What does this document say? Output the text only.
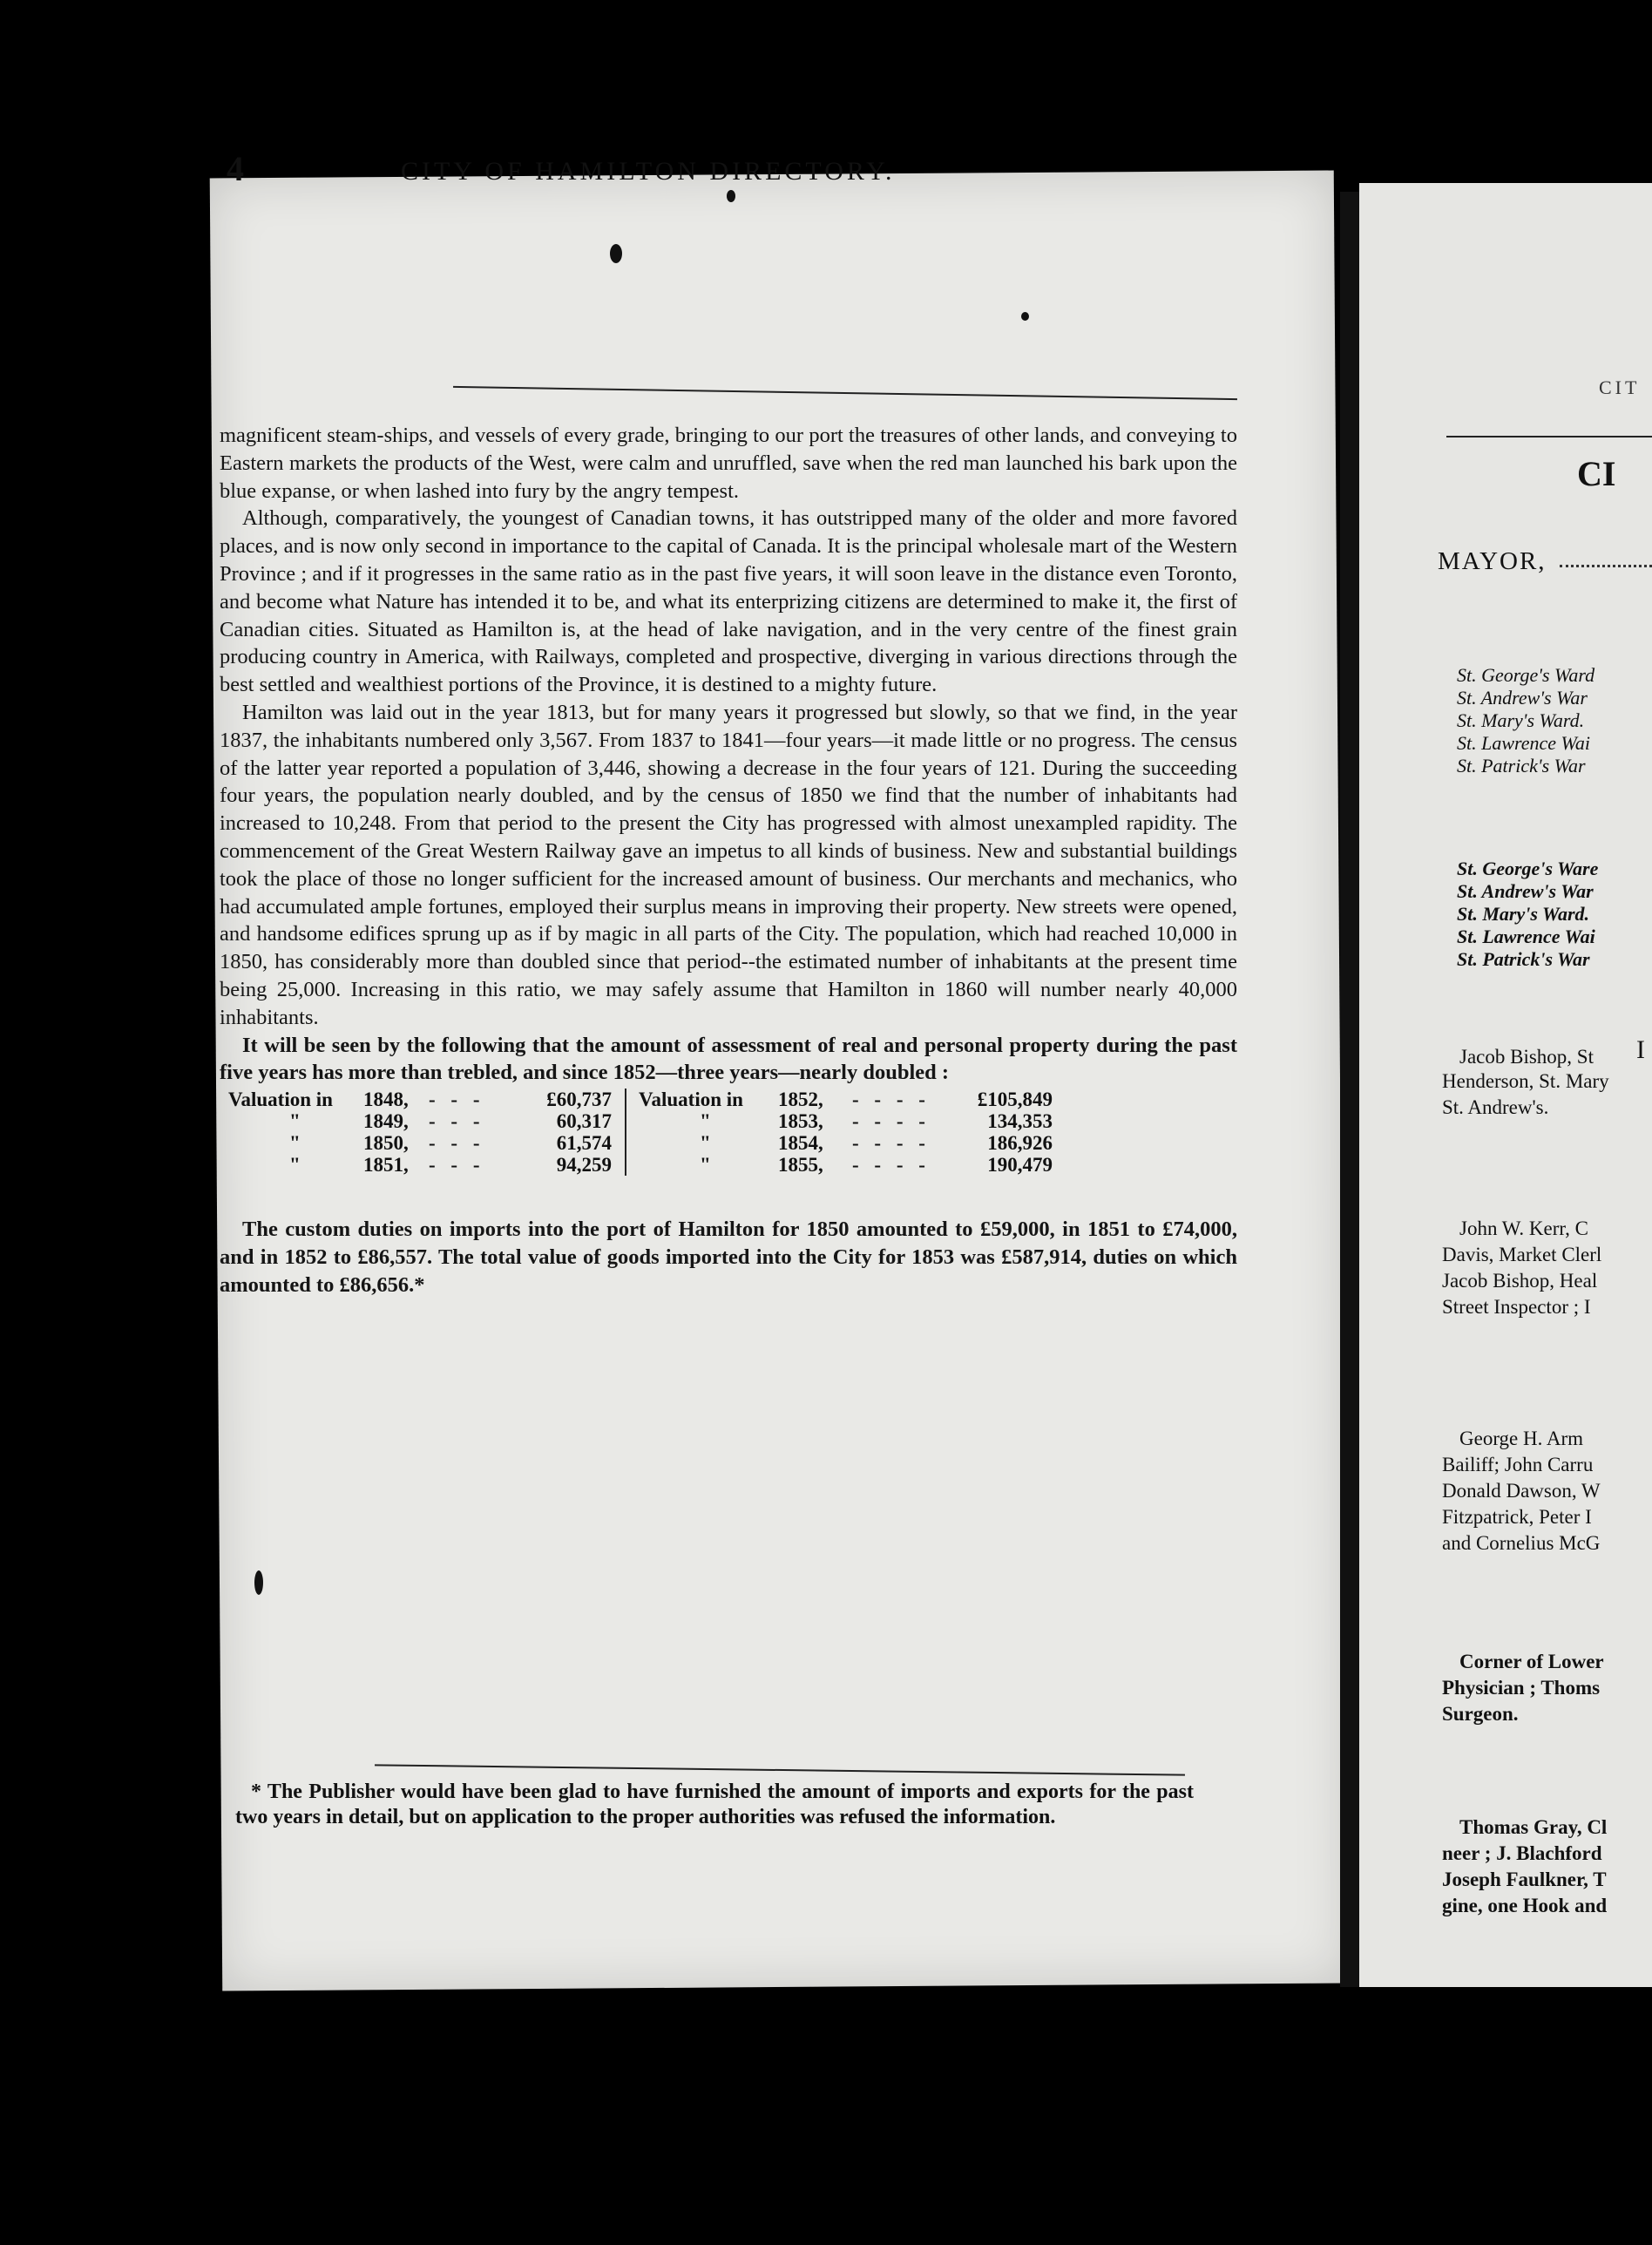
4	CITY OF HAMILTON DIRECTORY.

magnificent steam-ships, and vessels of every grade, bringing to our port the treasures of other lands, and conveying to Eastern markets the products of the West, were calm and unruffled, save when the red man launched his bark upon the blue expanse, or when lashed into fury by the angry tempest.

Although, comparatively, the youngest of Canadian towns, it has outstripped many of the older and more favored places, and is now only second in importance to the capital of Canada. It is the principal wholesale mart of the Western Province ; and if it progresses in the same ratio as in the past five years, it will soon leave in the distance even Toronto, and become what Nature has intended it to be, and what its enterprizing citizens are determined to make it, the first of Canadian cities. Situated as Hamilton is, at the head of lake navigation, and in the very centre of the finest grain producing country in America, with Railways, completed and prospective, diverging in various directions through the best settled and wealthiest portions of the Province, it is destined to a mighty future.

Hamilton was laid out in the year 1813, but for many years it progressed but slowly, so that we find, in the year 1837, the inhabitants numbered only 3,567. From 1837 to 1841—four years—it made little or no progress. The census of the latter year reported a population of 3,446, showing a decrease in the four years of 121. During the succeeding four years, the population nearly doubled, and by the census of 1850 we find that the number of inhabitants had increased to 10,248. From that period to the present the City has progressed with almost unexampled rapidity. The commencement of the Great Western Railway gave an impetus to all kinds of business. New and substantial buildings took the place of those no longer sufficient for the increased amount of business. Our merchants and mechanics, who had accumulated ample fortunes, employed their surplus means in improving their property. New streets were opened, and handsome edifices sprung up as if by magic in all parts of the City. The population, which had reached 10,000 in 1850, has considerably more than doubled since that period--the estimated number of inhabitants at the present time being 25,000. Increasing in this ratio, we may safely assume that Hamilton in 1860 will number nearly 40,000 inhabitants.

It will be seen by the following that the amount of assessment of real and personal property during the past five years has more than trebled, and since 1852—three years—nearly doubled :

Valuation in 1848, - - -	£60,737
"	1849, - - -	60,317
"	1850, - - -	61,574
"	1851, - - -	94,259
Valuation in 1852, - - - - £105,849
"	1853, - - - -	134,353
"	1854, - - - -	186,926
"	1855, - - - -	190,479

The custom duties on imports into the port of Hamilton for 1850 amounted to £59,000, in 1851 to £74,000, and in 1852 to £86,557. The total value of goods imported into the City for 1853 was £587,914, duties on which amounted to £86,656.*

* The Publisher would have been glad to have furnished the amount of imports and exports for the past two years in detail, but on application to the proper authorities was refused the information.
CIT
CI
MAYOR,
St. George's Ward
St. Andrew's War
St. Mary's Ward.
St. Lawrence Wai
St. Patrick's War
St. George's Ware
St. Andrew's War
St. Mary's Ward.
St. Lawrence Wai
St. Patrick's War
I
Jacob Bishop, St
Henderson, St. Mary
St. Andrew's.
John W. Kerr, C
Davis, Market Clerl
Jacob Bishop, Heal
Street Inspector ; I
George H. Arm
Bailiff; John Carru
Donald Dawson, W
Fitzpatrick, Peter I
and Cornelius McG
Corner of Lower
Physician ; Thoms
Surgeon.
Thomas Gray, Cl
neer ; J. Blachford
Joseph Faulkner, T
gine, one Hook and
